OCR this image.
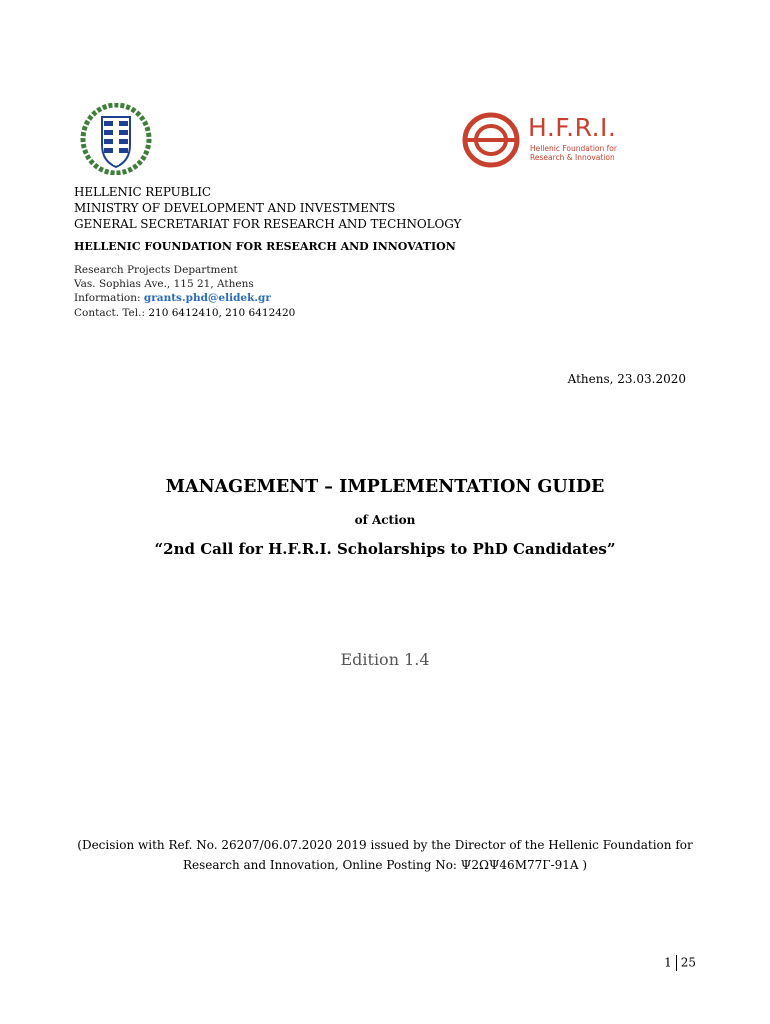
H.F.R.I.
Hellenic Foundation for
Research & Innovation
HELLENIC REPUBLIC
MINISTRY OF DEVELOPMENT AND INVESTMENTS
GENERAL SECRETARIAT FOR RESEARCH AND TECHNOLOGY
HELLENIC FOUNDATION FOR RESEARCH AND INNOVATION
Research Projects Department
Vas. Sophias Ave., 115 21, Athens
Information: grants.phd@elidek.gr
Contact. Tel.: 210 6412410, 210 6412420
Athens, 23.03.2020
MANAGEMENT – IMPLEMENTATION GUIDE
of Action
“2nd Call for H.F.R.I. Scholarships to PhD Candidates”
Edition 1.4
(Decision with Ref. No. 26207/06.07.2020 2019 issued by the Director of the Hellenic Foundation for
Research and Innovation, Online Posting No: Ψ2ΩΨ46Μ77Γ-91Α )
1 25
